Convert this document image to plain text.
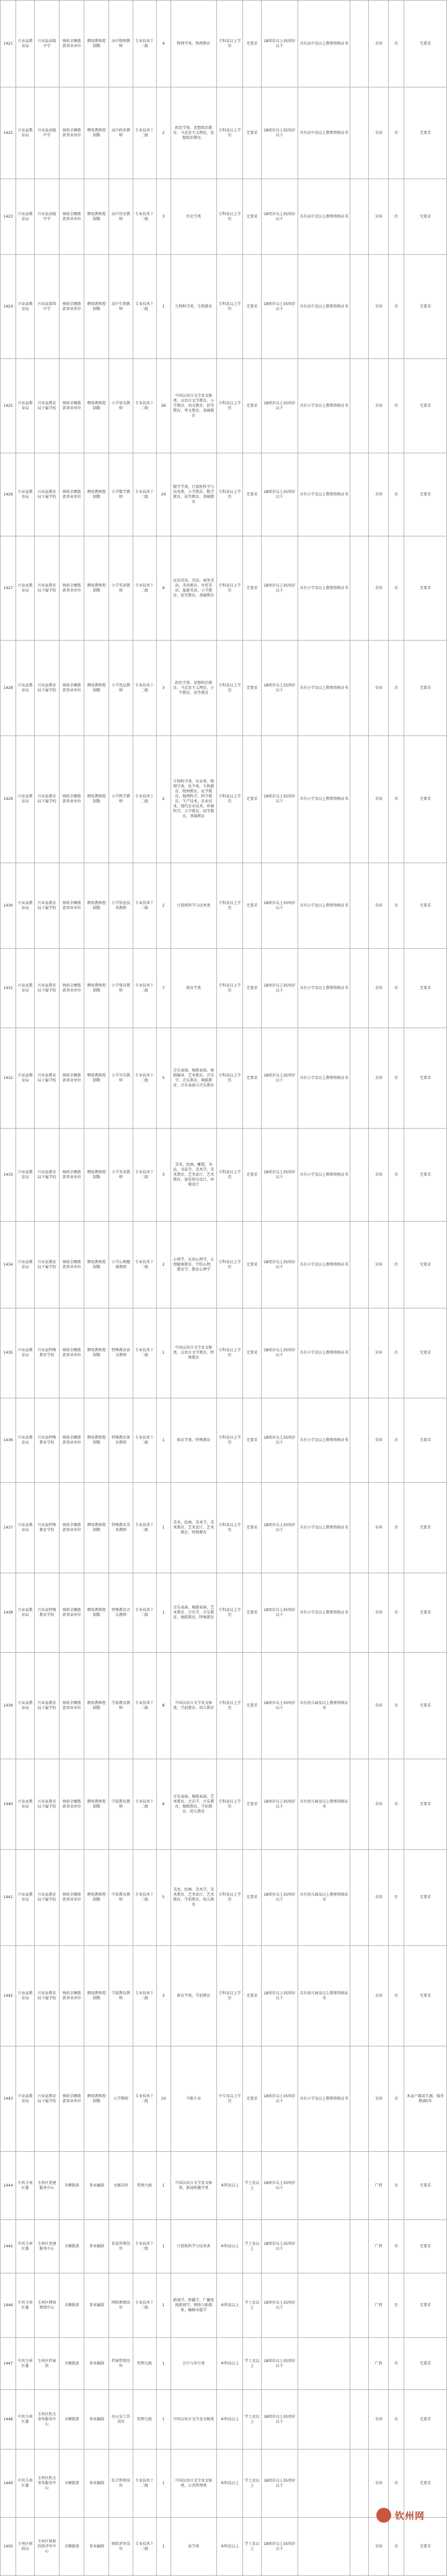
1421	兴业县教育局	兴业县高级中学	财政全额拨款事业单位	聘用教师控制数	高中物理教师	专业技术十二级	4	物理学类，物理教育	专科及以上学历	无要求	18周岁以上35周岁以下	具有高中及以上教师资格证书		全国	否	无要求
1422	兴业县教育局	兴业县高级中学	财政全额拨款事业单位	聘用教师控制数	高中政治教师	专业技术十二级	2	政治学类，思想政治教育，马克思主义理论、思想政治教育、	专科及以上学历	无要求	18周岁以上35周岁以下	具有高中及以上教师资格证书		全国	否	无要求
1423	兴业县教育局	兴业县高级中学	财政全额拨款事业单位	聘用教师控制数	高中历史教师	专业技术十二级	3	历史学类	专科及以上学历	无要求	18周岁以上35周岁以下	具有高中及以上教师资格证书		全国	否	无要求
1424	兴业县教育局	兴业县第四中学	财政全额拨款事业单位	聘用教师控制数	高中生物教师	专业技术十二级	1	生物科学类，生物教育	专科及以上学历	无要求	18周岁以上35周岁以下	具有高中及以上教师资格证书		全国	否	无要求
1425	兴业县教育局	兴业县教育局下属学校	财政全额拨款事业单位	聘用教师控制数	小学语文教师	专业技术十二级	26	中国汉语言文学及文秘类，汉语言文学教育，小学教育，语文教育，初等教育，华文教育，基础教育	专科及以上学历	无要求	18周岁以上35周岁以下	具有小学及以上教师资格证书		全国	否	无要求
1426	兴业县教育局	兴业县教育局下属学校	财政全额拨款事业单位	聘用教师控制数	小学数学教师	专业技术十二级	24	数学学类，计算机科学与技术类，小学教育，数学教育，初等教育，基础教育	专科及以上学历	无要求	18周岁以上35周岁以下	具有小学及以上教师资格证书		全国	否	无要求
1427	兴业县教育局	兴业县教育局下属学校	财政全额拨款事业单位	聘用教师控制数	小学英语教师	专业技术十二级	9	应用英语，英语，商务英语，英语教育，外贸英语，旅游英语，小学教育，初等教育，基础教育	专科及以上学历	无要求	18周岁以上35周岁以下	具有小学及以上教师资格证书		全国	否	无要求
1428	兴业县教育局	兴业县教育局下属学校	财政全额拨款事业单位	聘用教师控制数	小学思品教师	专业技术十二级	3	政治学类，思想政治教育，马克思主义理论，小学教育，初等教育	专科及以上学历	无要求	18周岁以上35周岁以下	具有小学及以上教师资格证书		全国	否	无要求
1429	兴业县教育局	兴业县教育局下属学校	财政全额拨款事业单位	聘用教师控制数	小学科学教师	专业技术十二级	2	生物科学类，农业类，物理学类，化学类，生物教育，物理教育，化学教育，地理科学，科学教育，生产技术，农业技术，现代农业技术，环境科学，小学教育，初等教育，基础教育	专科及以上学历	无要求	18周岁以上35周岁以下	具有小学及以上教师资格证书		全国	否	无要求
1430	兴业县教育局	兴业县教育局下属学校	财政全额拨款事业单位	聘用教师控制数	小学信息技术教师	专业技术十二级	2	计算机科学与技术类	专科及以上学历	无要求	18周岁以上35周岁以下	具有小学及以上教师资格证书		全国	否	无要求
1431	兴业县教育局	兴业县教育局下属学校	财政全额拨款事业单位	聘用教师控制数	小学体育教师	专业技术十二级	7	体育学类	专科及以上学历	无要求	18周岁以上35周岁以下	具有小学及以上教师资格证书		全国	否	无要求
1432	兴业县教育局	兴业县教育局下属学校	财政全额拨款事业单位	聘用教师控制数	小学音乐教师	专业技术十二级	5	音乐表演，舞蹈表演，舞蹈编导，艺术教育，音乐学，音乐教育，舞蹈教育，音乐表演与音乐教育	专科及以上学历	无要求	18周岁以上35周岁以下	具有小学及以上教师资格证书		全国	否	无要求
1433	兴业县教育局	兴业县教育局下属学校	财政全额拨款事业单位	聘用教师控制数	小学美术教师	专业技术十二级	3	美术，绘画，雕塑，书法，书法学，美术学，美术教育，艺术设计，艺术教育，视觉传达设计，环境设计	专科及以上学历	无要求	18周岁以上35周岁以下	具有小学及以上教师资格证书		全国	否	无要求
1434	兴业县教育局	兴业县教育局下属学校	财政全额拨款事业单位	聘用教师控制数	小学心理健康教师	专业技术十二级	2	心理学，应用心理学，心理健康教育，学校心理，教育学，教育心理学	专科及以上学历	无要求	18周岁以上35周岁以下	具有小学及以上教师资格证书		全国	否	无要求
1435	兴业县教育局	兴业县特殊教育学校	财政全额拨款事业单位	聘用教师控制数	特殊教育语文教师	专业技术十二级	1	中国汉语言文学及文秘类，汉语言文学教育，特殊教育	专科及以上学历	无要求	18周岁以上35周岁以下	具有小学及以上教师资格证书		全国	否	无要求
1436	兴业县教育局	兴业县特殊教育学校	财政全额拨款事业单位	聘用教师控制数	特殊教育体育教师	专业技术十二级	1	体育学类，特殊教育	专科及以上学历	无要求	18周岁以上35周岁以下	具有小学及以上教师资格证书		全国	否	无要求
1437	兴业县教育局	兴业县特殊教育学校	财政全额拨款事业单位	聘用教师控制数	特殊教育美术教师	专业技术十二级	1	美术，绘画，美术学，美术教育，艺术设计，艺术教育，特殊教育	专科及以上学历	无要求	18周岁以上35周岁以下	具有小学及以上教师资格证书		全国	否	无要求
1438	兴业县教育局	兴业县特殊教育学校	财政全额拨款事业单位	聘用教师控制数	特殊教育音乐教师	专业技术十二级	1	音乐表演，舞蹈表演，艺术教育，音乐学，音乐教育，舞蹈教育，特殊教育	专科及以上学历	无要求	18周岁以上35周岁以下	具有小学及以上教师资格证书		全国	否	无要求
1439	兴业县教育局	兴业县教育局下属学校	财政全额拨款事业单位	聘用教师控制数	学前教育教师	专业技术十二级	8	中国汉语言文学及文秘类，学前教育，幼儿教育	专科及以上学历	无要求	18周岁以上35周岁以下	具有幼儿园及以上教师资格证书		全国	否	无要求
1440	兴业县教育局	兴业县教育局下属学校	财政全额拨款事业单位	聘用教师控制数	学前教育教师	专业技术十二级	6	音乐表演，舞蹈表演，艺术教育，音乐学，音乐教育，舞蹈教育，学前教育，幼儿教育	专科及以上学历	无要求	18周岁以上35周岁以下	具有幼儿园及以上教师资格证书		全国	否	无要求
1441	兴业县教育局	兴业县教育局下属学校	财政全额拨款事业单位	聘用教师控制数	学前教育教师	专业技术十二级	5	美术，绘画，美术学，美术教育，艺术设计，艺术教育，学前教育，幼儿教育	专科及以上学历	无要求	18周岁以上35周岁以下	具有幼儿园及以上教师资格证书		全国	否	无要求
1442	兴业县教育局	兴业县教育局下属学校	财政全额拨款事业单位	聘用教师控制数	学前教育教师	专业技术十二级	3	体育学类，学前教育	专科及以上学历	无要求	18周岁以上35周岁以下	具有幼儿园及以上教师资格证书		全国	否	无要求
1443	兴业县教育局	兴业县教育局下属学校	财政全额拨款事业单位	聘用教师控制数	小学教师	专业技术十二级	10	不限专业	中专及以上学历	无要求	18周岁以上35周岁以下	具有小学及以上教师资格证书		全国	否	本县户籍或生源，服务期满5年
1444	中共玉州区委	玉州区党建服务中心	全额拨款	事业编制	文秘岗位	管理九级	1	中国汉语言文学及文秘类，新闻传播学类	本科及以上	学士及以上	18周岁以上35周岁以下			广西	否	无要求
1445	中共玉州区委	玉州区党建服务中心	全额拨款	事业编制	信息管理岗位	专业技术十二级	1	计算机科学与技术类	本科及以上	学士及以上	18周岁以上35周岁以下			广西	否	无要求
1446	中共玉州区委	玉州区网络舆情中心	全额拨款	事业编制	网络舆情岗位	专业技术十二级	1	新闻学，传播学，广播电视新闻学，网络与新媒体，编辑出版学	本科及以上	学士及以上	18周岁以上35周岁以下			广西	否	无要求
1447	中共玉州区委	玉州区档案馆	全额拨款	事业编制	档案管理岗位	管理九级	1	会计与审计类	本科及以上	学士及以上	18周岁以上35周岁以下			广西	否	无要求
1448	中共玉州区委	玉州区机关事务服务中心	全额拨款	事业编制	办公室工作岗位	管理九级	1	中国汉语言文学及文秘类	本科及以上	学士及以上	18周岁以上35周岁以下			全国	否	无要求
1449	中共玉州区委	玉州区机关事务服务中心	全额拨款	事业编制	综合管理岗位	专业技术十二级	1	中国汉语言文学及文秘类，公共管理类	本科及以上	学士及以上	18周岁以上35周岁以下			全国	否	无要求
1450	玉州区财政局	玉州区财政投资评审中心	全额拨款	事业编制	财政评审岗位	专业技术十二级	1	法学类	本科及以上	学士及以上	18周岁以上35周岁以下			全国	否	无要求
钦州网
